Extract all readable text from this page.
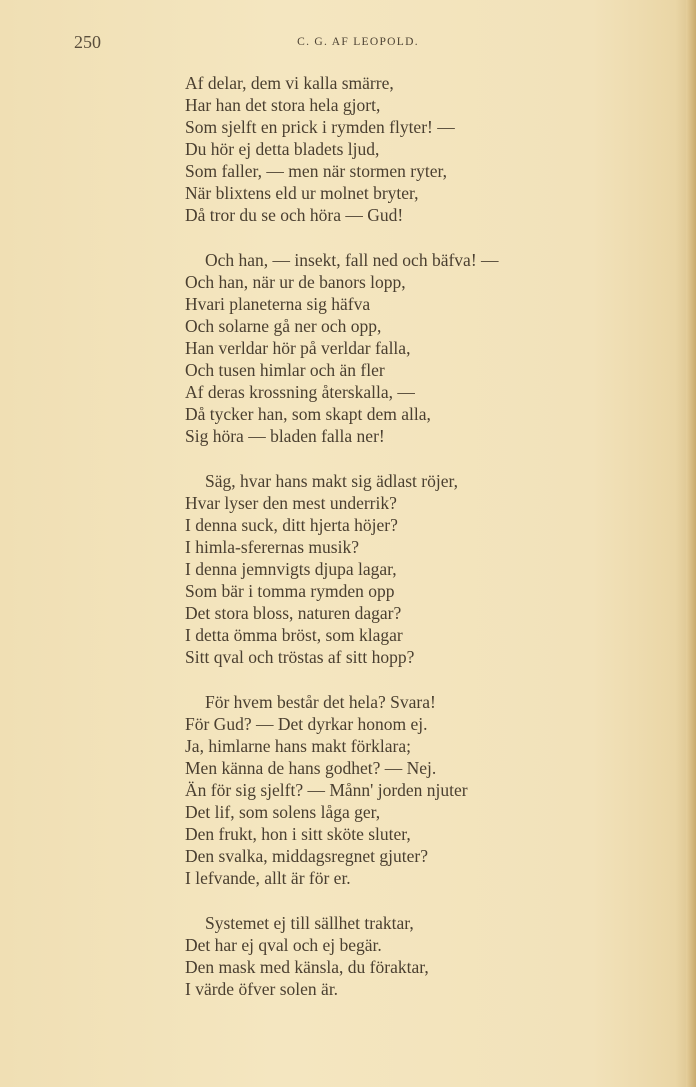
250	C. G. AF LEOPOLD.
Af delar, dem vi kalla smärre,
Har han det stora hela gjort,
Som sjelft en prick i rymden flyter! —
Du hör ej detta bladets ljud,
Som faller, — men när stormen ryter,
När blixtens eld ur molnet bryter,
Då tror du se och höra — Gud!
Och han, — insekt, fall ned och bäfva! —
Och han, när ur de banors lopp,
Hvari planeterna sig häfva
Och solarne gå ner och opp,
Han verldar hör på verldar falla,
Och tusen himlar och än fler
Af deras krossning återskalla, —
Då tycker han, som skapt dem alla,
Sig höra — bladen falla ner!
Säg, hvar hans makt sig ädlast röjer,
Hvar lyser den mest underrik?
I denna suck, ditt hjerta höjer?
I himla-sferernas musik?
I denna jemnvigts djupa lagar,
Som bär i tomma rymden opp
Det stora bloss, naturen dagar?
I detta ömma bröst, som klagar
Sitt qval och tröstas af sitt hopp?
För hvem består det hela? Svara!
För Gud? — Det dyrkar honom ej.
Ja, himlarne hans makt förklara;
Men känna de hans godhet? — Nej.
Än för sig sjelft? — Månn' jorden njuter
Det lif, som solens låga ger,
Den frukt, hon i sitt sköte sluter,
Den svalka, middagsregnet gjuter?
I lefvande, allt är för er.
Systemet ej till sällhet traktar,
Det har ej qval och ej begär.
Den mask med känsla, du föraktar,
I värde öfver solen är.
